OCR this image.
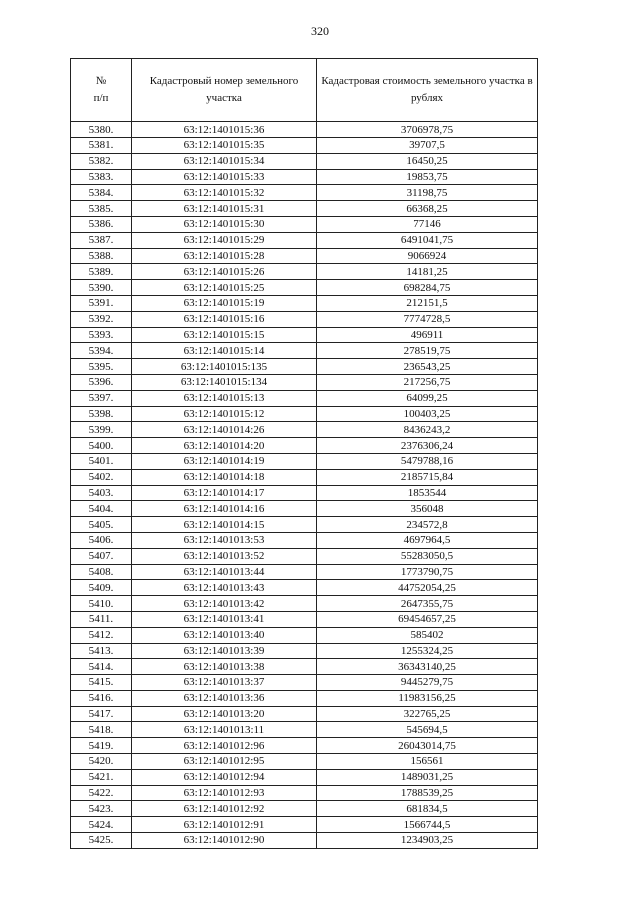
320
№
п/п	Кадастровый номер земельного участка	Кадастровая стоимость земельного участка в рублях
5380.	63:12:1401015:36	3706978,75
5381.	63:12:1401015:35	39707,5
5382.	63:12:1401015:34	16450,25
5383.	63:12:1401015:33	19853,75
5384.	63:12:1401015:32	31198,75
5385.	63:12:1401015:31	66368,25
5386.	63:12:1401015:30	77146
5387.	63:12:1401015:29	6491041,75
5388.	63:12:1401015:28	9066924
5389.	63:12:1401015:26	14181,25
5390.	63:12:1401015:25	698284,75
5391.	63:12:1401015:19	212151,5
5392.	63:12:1401015:16	7774728,5
5393.	63:12:1401015:15	496911
5394.	63:12:1401015:14	278519,75
5395.	63:12:1401015:135	236543,25
5396.	63:12:1401015:134	217256,75
5397.	63:12:1401015:13	64099,25
5398.	63:12:1401015:12	100403,25
5399.	63:12:1401014:26	8436243,2
5400.	63:12:1401014:20	2376306,24
5401.	63:12:1401014:19	5479788,16
5402.	63:12:1401014:18	2185715,84
5403.	63:12:1401014:17	1853544
5404.	63:12:1401014:16	356048
5405.	63:12:1401014:15	234572,8
5406.	63:12:1401013:53	4697964,5
5407.	63:12:1401013:52	55283050,5
5408.	63:12:1401013:44	1773790,75
5409.	63:12:1401013:43	44752054,25
5410.	63:12:1401013:42	2647355,75
5411.	63:12:1401013:41	69454657,25
5412.	63:12:1401013:40	585402
5413.	63:12:1401013:39	1255324,25
5414.	63:12:1401013:38	36343140,25
5415.	63:12:1401013:37	9445279,75
5416.	63:12:1401013:36	11983156,25
5417.	63:12:1401013:20	322765,25
5418.	63:12:1401013:11	545694,5
5419.	63:12:1401012:96	26043014,75
5420.	63:12:1401012:95	156561
5421.	63:12:1401012:94	1489031,25
5422.	63:12:1401012:93	1788539,25
5423.	63:12:1401012:92	681834,5
5424.	63:12:1401012:91	1566744,5
5425.	63:12:1401012:90	1234903,25
